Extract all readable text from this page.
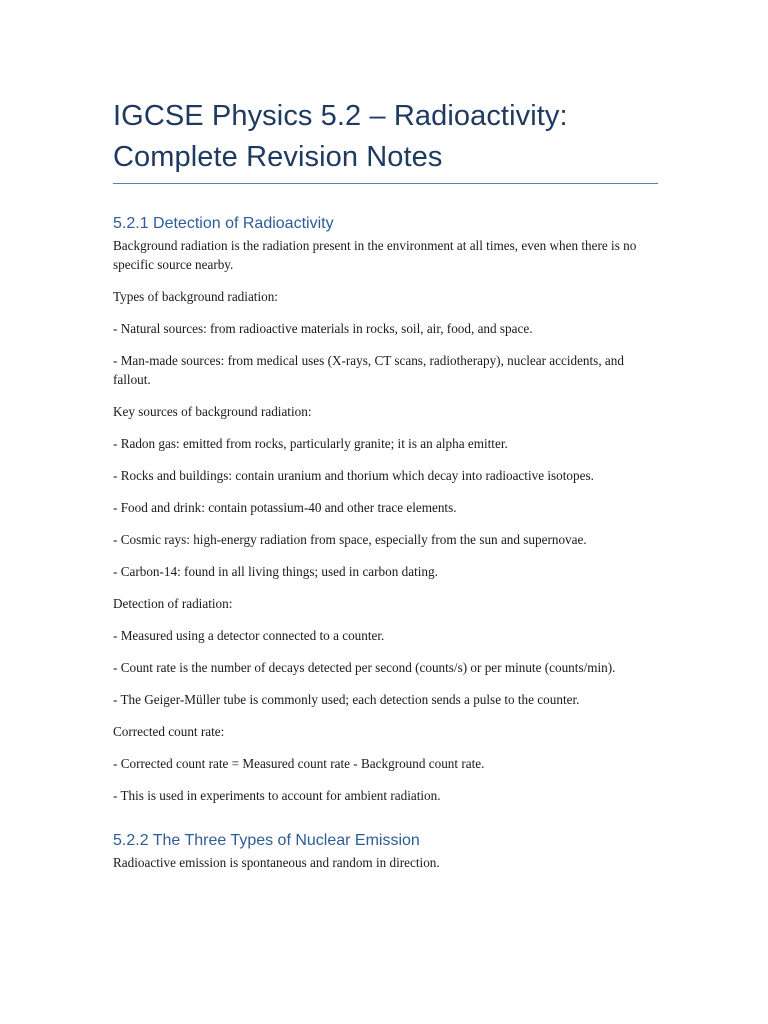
IGCSE Physics 5.2 – Radioactivity: Complete Revision Notes
5.2.1 Detection of Radioactivity

Background radiation is the radiation present in the environment at all times, even when there is no specific source nearby.

Types of background radiation:

- Natural sources: from radioactive materials in rocks, soil, air, food, and space.

- Man-made sources: from medical uses (X-rays, CT scans, radiotherapy), nuclear accidents, and fallout.

Key sources of background radiation:

- Radon gas: emitted from rocks, particularly granite; it is an alpha emitter.

- Rocks and buildings: contain uranium and thorium which decay into radioactive isotopes.

- Food and drink: contain potassium-40 and other trace elements.

- Cosmic rays: high-energy radiation from space, especially from the sun and supernovae.

- Carbon-14: found in all living things; used in carbon dating.

Detection of radiation:

- Measured using a detector connected to a counter.

- Count rate is the number of decays detected per second (counts/s) or per minute (counts/min).

- The Geiger-Müller tube is commonly used; each detection sends a pulse to the counter.

Corrected count rate:

- Corrected count rate = Measured count rate - Background count rate.

- This is used in experiments to account for ambient radiation.

5.2.2 The Three Types of Nuclear Emission

Radioactive emission is spontaneous and random in direction.
